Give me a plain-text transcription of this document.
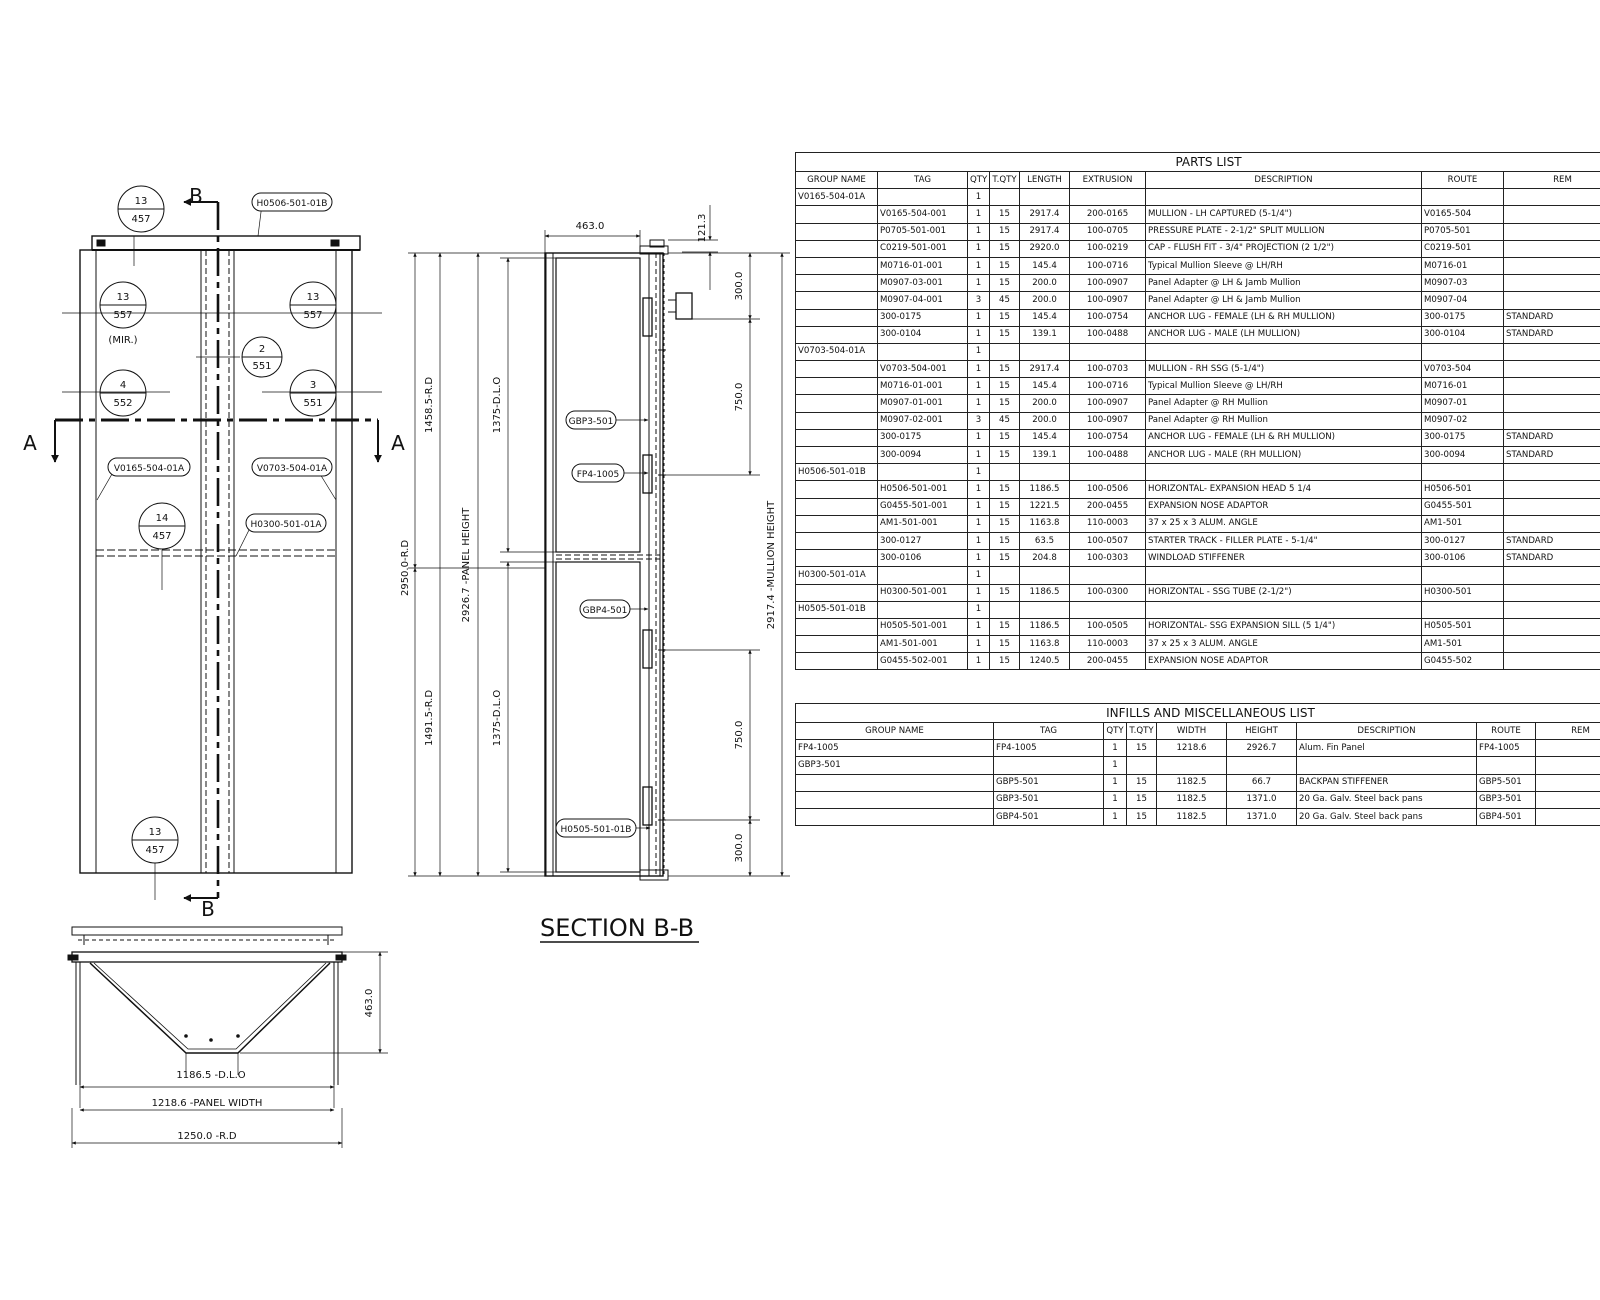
13
457
13
557
(MIR.)
13
557
2
551
4
552
3
551
14
457
13
457
H0506-501-01B
V0165-504-01A	V0703-504-01A
H0300-501-01A
B
B
A	A
463.0
1186.5 -D.L.O
1218.6 -PANEL WIDTH
1250.0 -R.D
GBP3-501
FP4-1005
GBP4-501
H0505-501-01B
463.0	121.3
1458.5-R.D
2950.0-R.D
1491.5-R.D
2926.7 -PANEL HEIGHT
1375-D.L.O
1375-D.L.O
300.0
750.0
2917.4 -MULLION HEIGHT
750.0
300.0
SECTION B-B
PARTS LIST
GROUP NAME	TAG	QTY	T.QTY	LENGTH	EXTRUSION	DESCRIPTION	ROUTE	REM
V0165-504-01A		1						
	V0165-504-001	1	15	2917.4	200-0165	MULLION - LH CAPTURED (5-1/4")	V0165-504	
	P0705-501-001	1	15	2917.4	100-0705	PRESSURE PLATE - 2-1/2" SPLIT MULLION	P0705-501	
	C0219-501-001	1	15	2920.0	100-0219	CAP - FLUSH FIT - 3/4" PROJECTION (2 1/2")	C0219-501	
	M0716-01-001	1	15	145.4	100-0716	Typical Mullion Sleeve @ LH/RH	M0716-01	
	M0907-03-001	1	15	200.0	100-0907	Panel Adapter @ LH & Jamb Mullion	M0907-03	
	M0907-04-001	3	45	200.0	100-0907	Panel Adapter @ LH & Jamb Mullion	M0907-04	
	300-0175	1	15	145.4	100-0754	ANCHOR LUG - FEMALE (LH & RH MULLION)	300-0175	STANDARD
	300-0104	1	15	139.1	100-0488	ANCHOR LUG - MALE (LH MULLION)	300-0104	STANDARD
V0703-504-01A		1						
	V0703-504-001	1	15	2917.4	100-0703	MULLION - RH SSG (5-1/4")	V0703-504	
	M0716-01-001	1	15	145.4	100-0716	Typical Mullion Sleeve @ LH/RH	M0716-01	
	M0907-01-001	1	15	200.0	100-0907	Panel Adapter @ RH Mullion	M0907-01	
	M0907-02-001	3	45	200.0	100-0907	Panel Adapter @ RH Mullion	M0907-02	
	300-0175	1	15	145.4	100-0754	ANCHOR LUG - FEMALE (LH & RH MULLION)	300-0175	STANDARD
	300-0094	1	15	139.1	100-0488	ANCHOR LUG - MALE (RH MULLION)	300-0094	STANDARD
H0506-501-01B		1						
	H0506-501-001	1	15	1186.5	100-0506	HORIZONTAL- EXPANSION HEAD 5 1/4	H0506-501	
	G0455-501-001	1	15	1221.5	200-0455	EXPANSION NOSE ADAPTOR	G0455-501	
	AM1-501-001	1	15	1163.8	110-0003	37 x 25 x 3 ALUM. ANGLE	AM1-501	
	300-0127	1	15	63.5	100-0507	STARTER TRACK - FILLER PLATE - 5-1/4"	300-0127	STANDARD
	300-0106	1	15	204.8	100-0303	WINDLOAD STIFFENER	300-0106	STANDARD
H0300-501-01A		1						
	H0300-501-001	1	15	1186.5	100-0300	HORIZONTAL - SSG TUBE (2-1/2")	H0300-501	
H0505-501-01B		1						
	H0505-501-001	1	15	1186.5	100-0505	HORIZONTAL- SSG EXPANSION SILL (5 1/4")	H0505-501	
	AM1-501-001	1	15	1163.8	110-0003	37 x 25 x 3 ALUM. ANGLE	AM1-501	
	G0455-502-001	1	15	1240.5	200-0455	EXPANSION NOSE ADAPTOR	G0455-502	
INFILLS AND MISCELLANEOUS LIST
GROUP NAME	TAG	QTY	T.QTY	WIDTH	HEIGHT	DESCRIPTION	ROUTE	REM
FP4-1005	FP4-1005	1	15	1218.6	2926.7	Alum. Fin Panel	FP4-1005	
GBP3-501		1						
	GBP5-501	1	15	1182.5	66.7	BACKPAN STIFFENER	GBP5-501	
	GBP3-501	1	15	1182.5	1371.0	20 Ga. Galv. Steel back pans	GBP3-501	
	GBP4-501	1	15	1182.5	1371.0	20 Ga. Galv. Steel back pans	GBP4-501	
